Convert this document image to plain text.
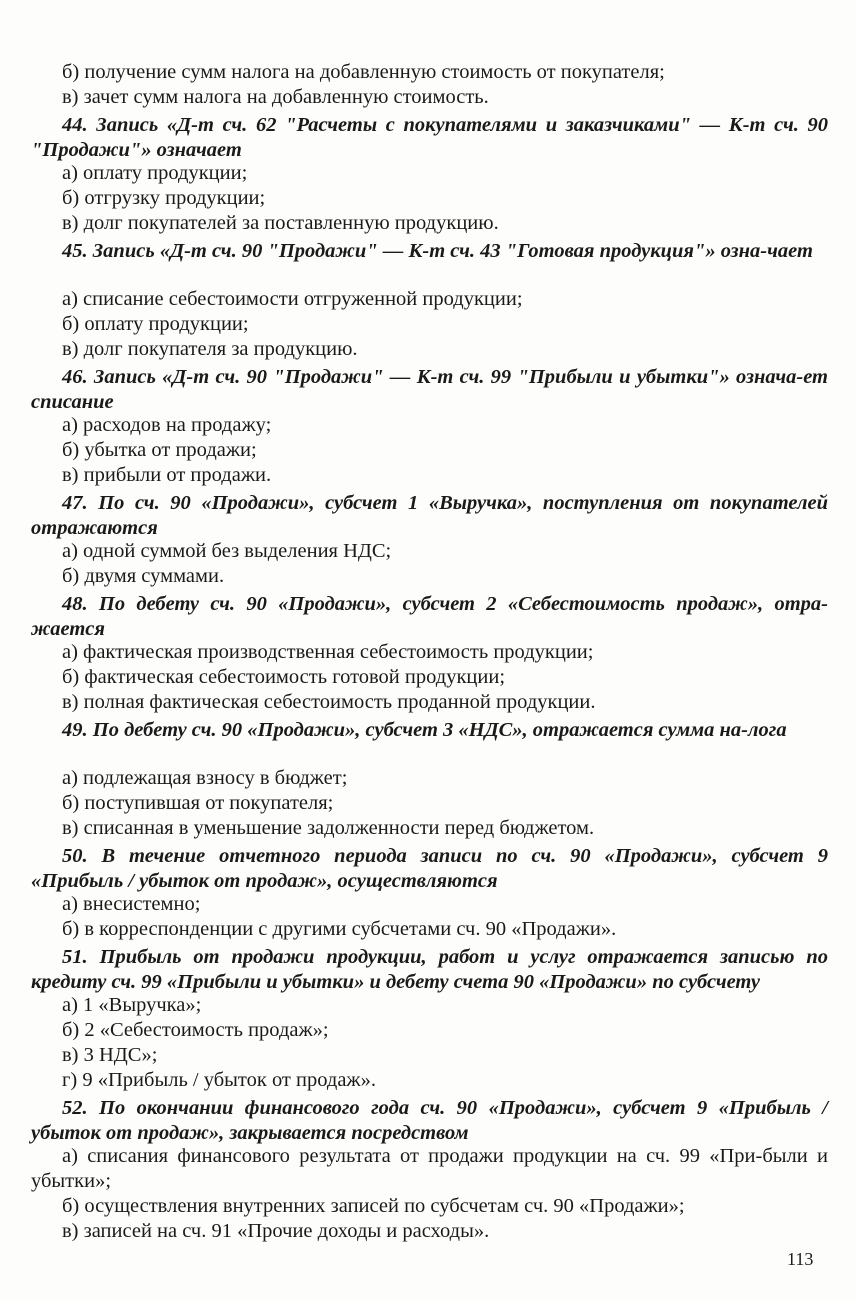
б) получение сумм налога на добавленную стоимость от покупателя;
в) зачет сумм налога на добавленную стоимость.
44. Запись «Д-т сч. 62 "Расчеты с покупателями и заказчиками" — К-т сч. 90 "Продажи"» означает
а) оплату продукции;
б) отгрузку продукции;
в) долг покупателей за поставленную продукцию.
45. Запись «Д-т сч. 90 "Продажи" — К-т сч. 43 "Готовая продукция"» озна-чает
а) списание себестоимости отгруженной продукции;
б) оплату продукции;
в) долг покупателя за продукцию.
46. Запись «Д-т сч. 90 "Продажи" — К-т сч. 99 "Прибыли и убытки"» означа-ет списание
а) расходов на продажу;
б) убытка от продажи;
в) прибыли от продажи.
47. По сч. 90 «Продажи», субсчет 1 «Выручка», поступления от покупателей отражаются
а) одной суммой без выделения НДС;
б) двумя суммами.
48. По дебету сч. 90 «Продажи», субсчет 2 «Себестоимость продаж», отра-жается
а) фактическая производственная себестоимость продукции;
б) фактическая себестоимость готовой продукции;
в) полная фактическая себестоимость проданной продукции.
49. По дебету сч. 90 «Продажи», субсчет 3 «НДС», отражается сумма на-лога
а) подлежащая взносу в бюджет;
б) поступившая от покупателя;
в) списанная в уменьшение задолженности перед бюджетом.
50. В течение отчетного периода записи по сч. 90 «Продажи», субсчет 9 «Прибыль / убыток от продаж», осуществляются
а) внесистемно;
б) в корреспонденции с другими субсчетами сч. 90 «Продажи».
51. Прибыль от продажи продукции, работ и услуг отражается записью по кредиту сч. 99 «Прибыли и убытки» и дебету счета 90 «Продажи» по субсчету
а) 1 «Выручка»;
б) 2 «Себестоимость продаж»;
в) 3 НДС»;
г) 9 «Прибыль / убыток от продаж».
52. По окончании финансового года сч. 90 «Продажи», субсчет 9 «Прибыль / убыток от продаж», закрывается посредством
а) списания финансового результата от продажи продукции на сч. 99 «При-были и убытки»;
б) осуществления внутренних записей по субсчетам сч. 90 «Продажи»;
в) записей на сч. 91 «Прочие доходы и расходы».
113
